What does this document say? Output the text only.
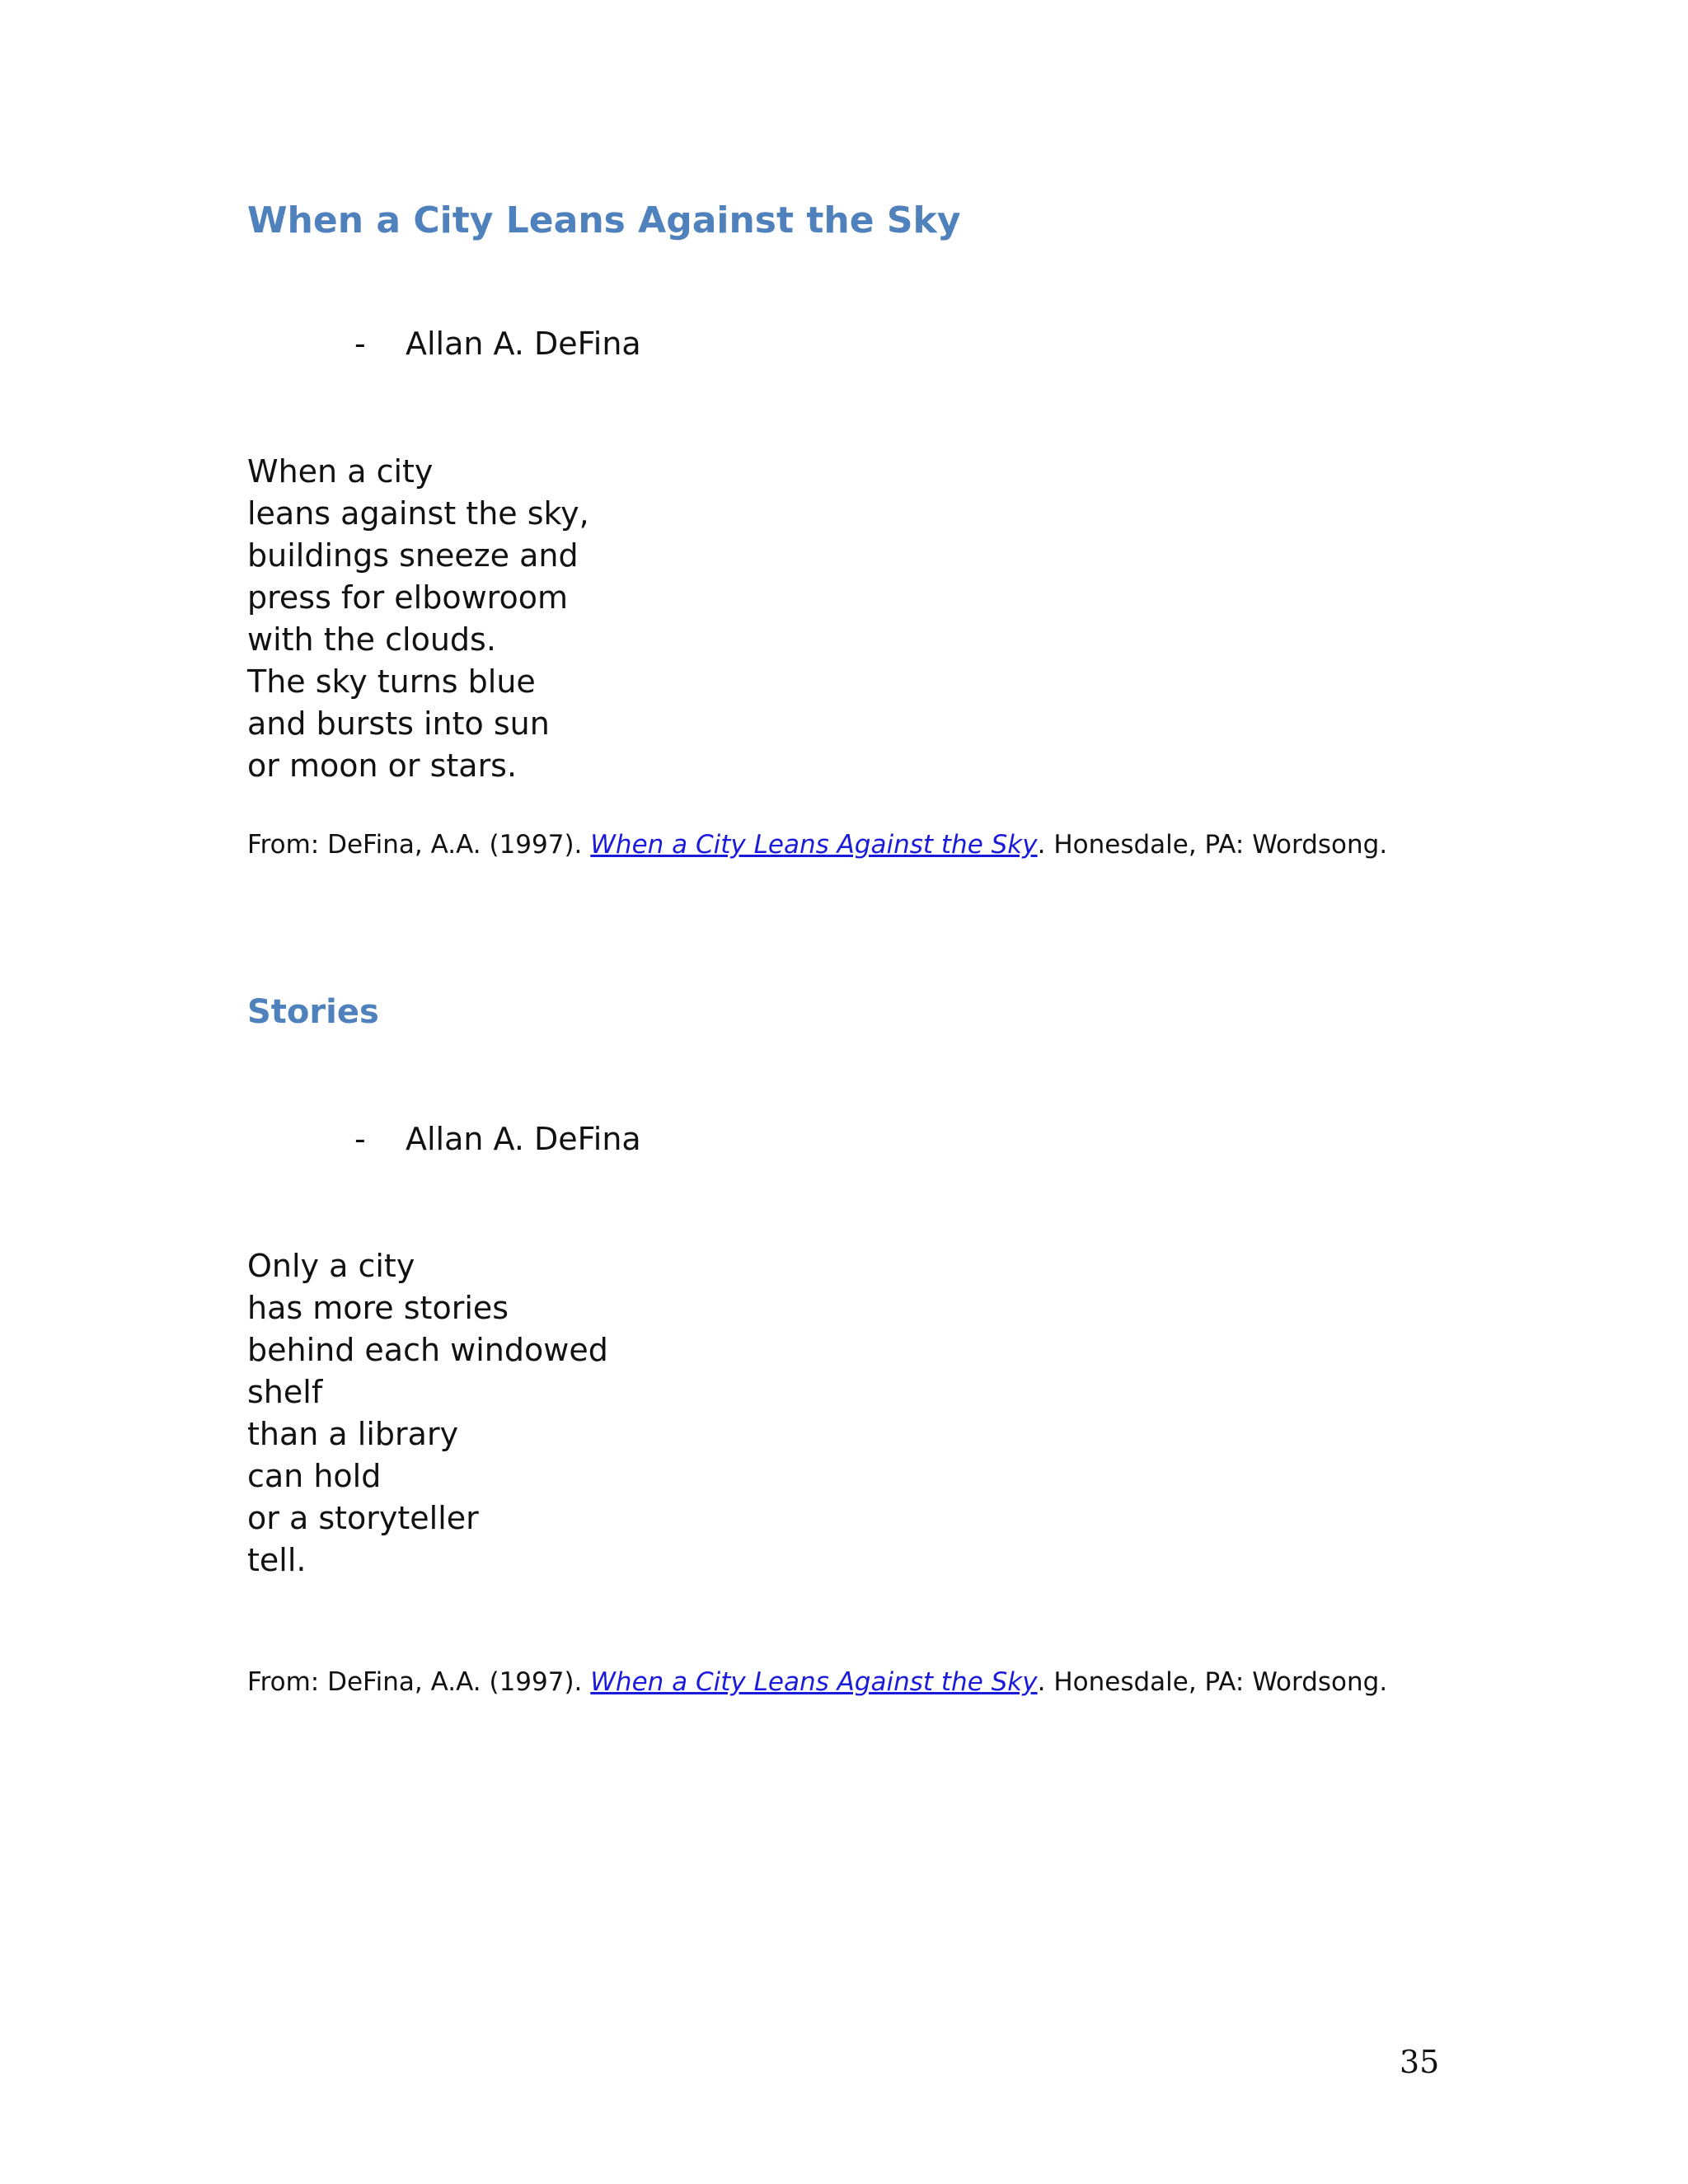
When a City Leans Against the Sky
- Allan A. DeFina
When a city
leans against the sky,
buildings sneeze and
press for elbowroom
with the clouds.
The sky turns blue
and bursts into sun
or moon or stars.
From: DeFina, A.A. (1997). When a City Leans Against the Sky. Honesdale, PA: Wordsong.
Stories
- Allan A. DeFina
Only a city
has more stories
behind each windowed
shelf
than a library
can hold
or a storyteller
tell.
From: DeFina, A.A. (1997). When a City Leans Against the Sky. Honesdale, PA: Wordsong.
35
